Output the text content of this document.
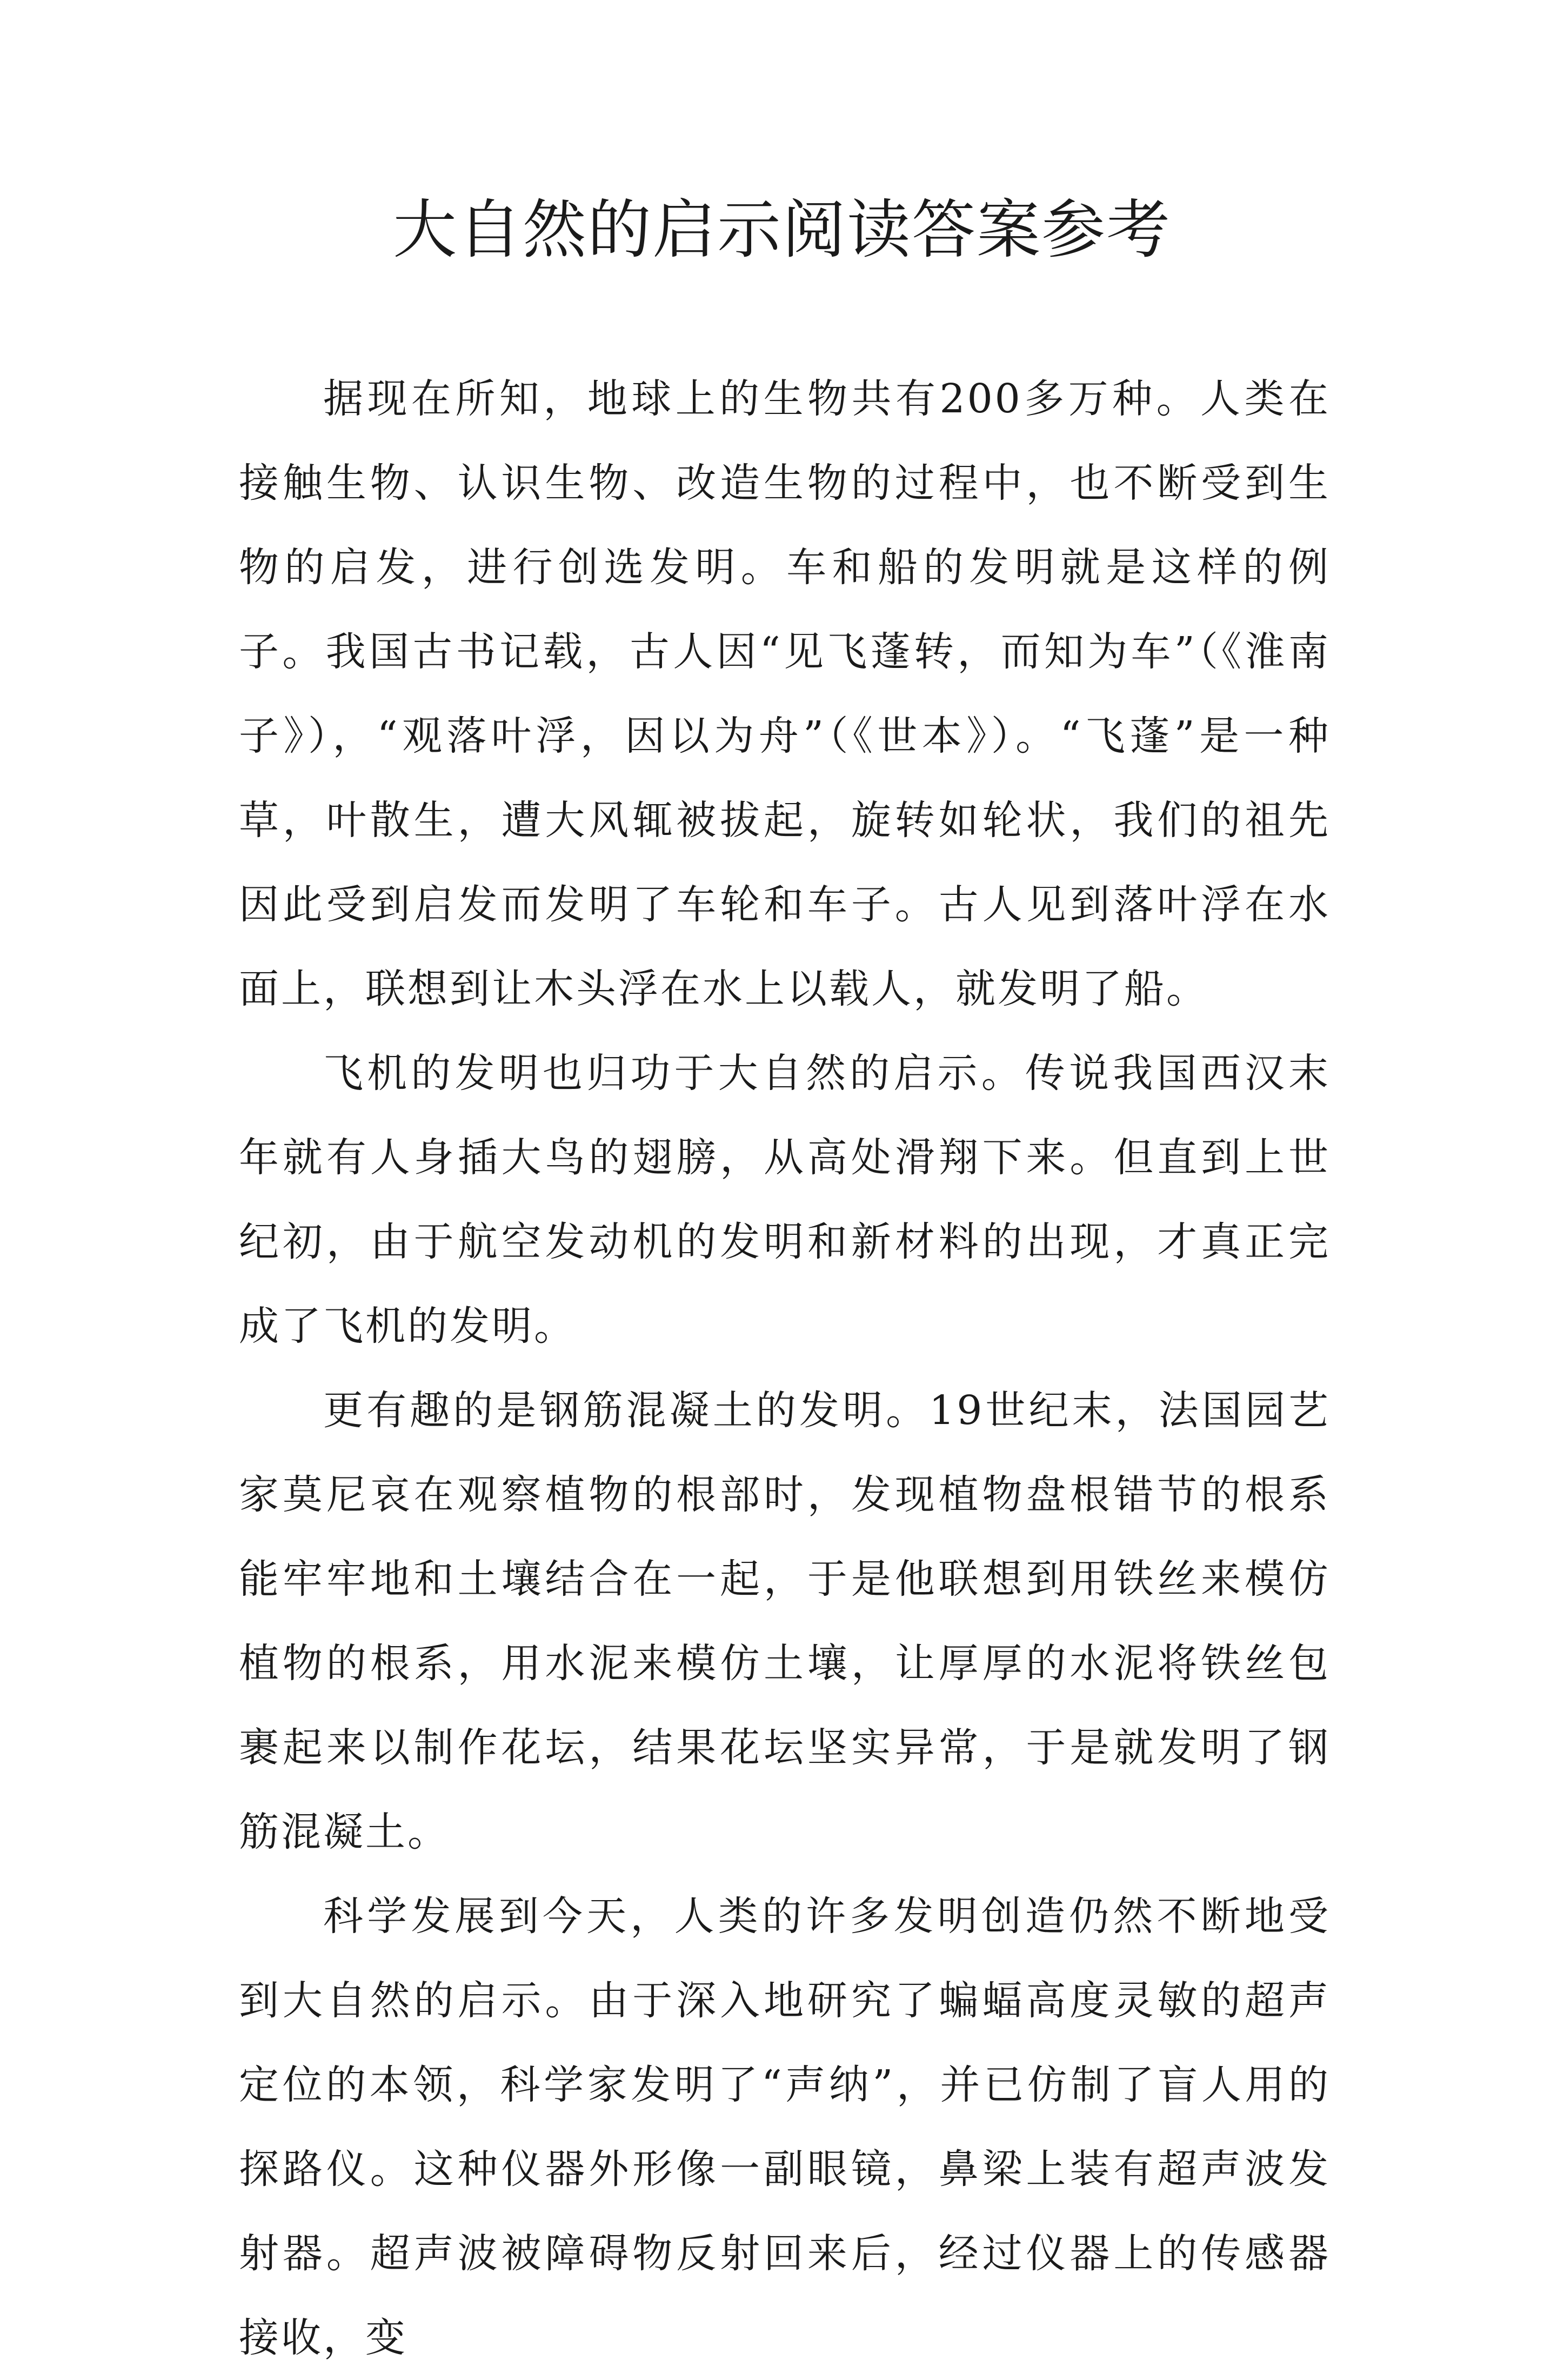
大自然的启示阅读答案参考

据现在所知，地球上的生物共有200多万种。人类在接触生物、认识生物、改造生物的过程中，也不断受到生物的启发，进行创选发明。车和船的发明就是这样的例子。我国古书记载，古人因“见飞蓬转，而知为车”（《淮南子》），“观落叶浮，因以为舟”（《世本》）。“飞蓬”是一种草，叶散生，遭大风辄被拔起，旋转如轮状，我们的祖先因此受到启发而发明了车轮和车子。古人见到落叶浮在水面上，联想到让木头浮在水上以载人，就发明了船。

飞机的发明也归功于大自然的启示。传说我国西汉末年就有人身插大鸟的翅膀，从高处滑翔下来。但直到上世纪初，由于航空发动机的发明和新材料的出现，才真正完成了飞机的发明。

更有趣的是钢筋混凝土的发明。19世纪末，法国园艺家莫尼哀在观察植物的根部时，发现植物盘根错节的根系能牢牢地和土壤结合在一起，于是他联想到用铁丝来模仿植物的根系，用水泥来模仿土壤，让厚厚的水泥将铁丝包裹起来以制作花坛，结果花坛坚实异常，于是就发明了钢筋混凝土。

科学发展到今天，人类的许多发明创造仍然不断地受到大自然的启示。由于深入地研究了蝙蝠高度灵敏的超声定位的本领，科学家发明了“声纳”，并已仿制了盲人用的探路仪。这种仪器外形像一副眼镜，鼻梁上装有超声波发射器。超声波被障碍物反射回来后，经过仪器上的传感器接收，变
